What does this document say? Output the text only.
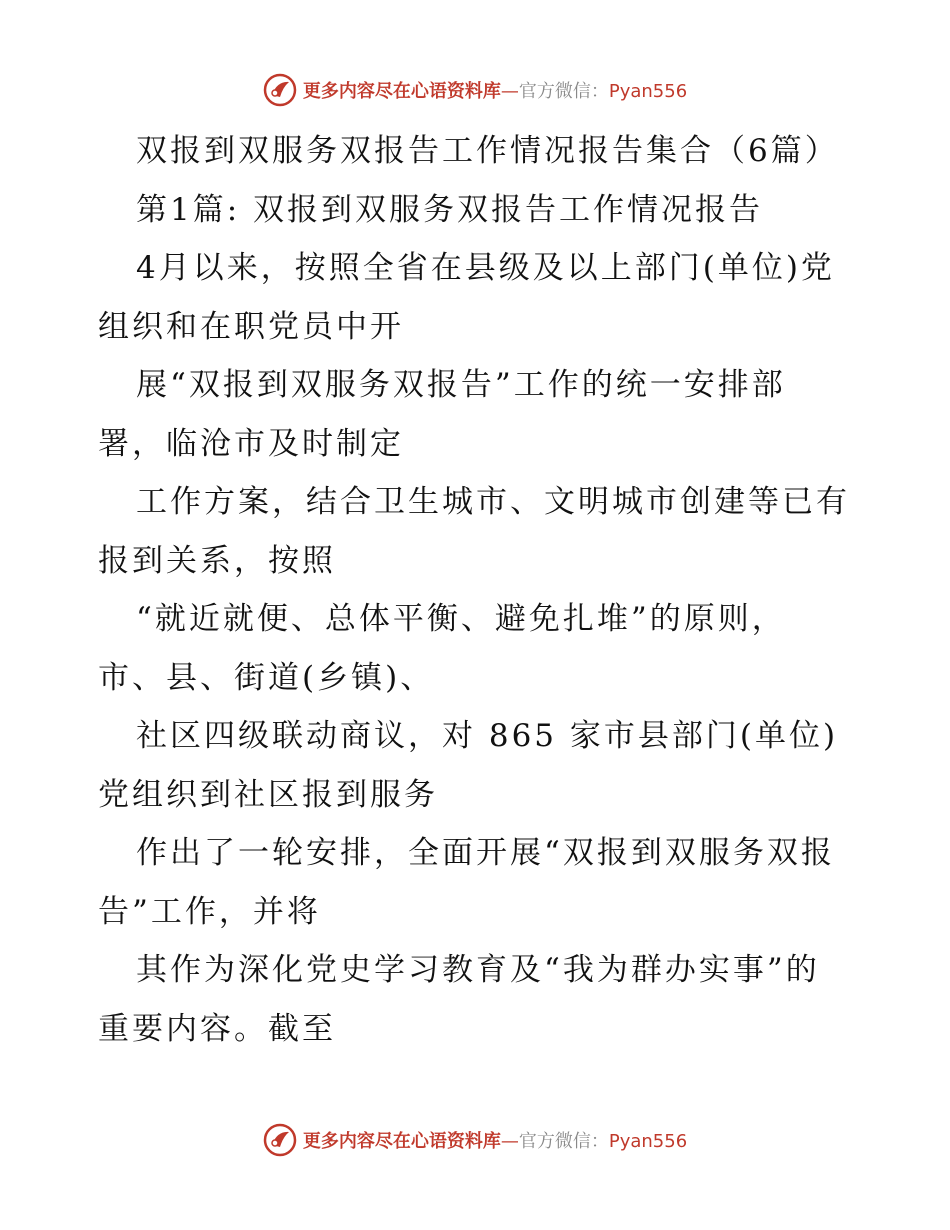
更多内容尽在心语资料库—官方微信：Pyan556
双报到双服务双报告工作情况报告集合（6篇）
第1篇: 双报到双服务双报告工作情况报告
4月以来，按照全省在县级及以上部门(单位)党
组织和在职党员中开
展“双报到双服务双报告”工作的统一安排部
署，临沧市及时制定
工作方案，结合卫生城市、文明城市创建等已有
报到关系，按照
“就近就便、总体平衡、避免扎堆”的原则，
市、县、街道(乡镇)、
社区四级联动商议，对 865 家市县部门(单位)
党组织到社区报到服务
作出了一轮安排，全面开展“双报到双服务双报
告”工作，并将
其作为深化党史学习教育及“我为群办实事”的
重要内容。截至
更多内容尽在心语资料库—官方微信：Pyan556
